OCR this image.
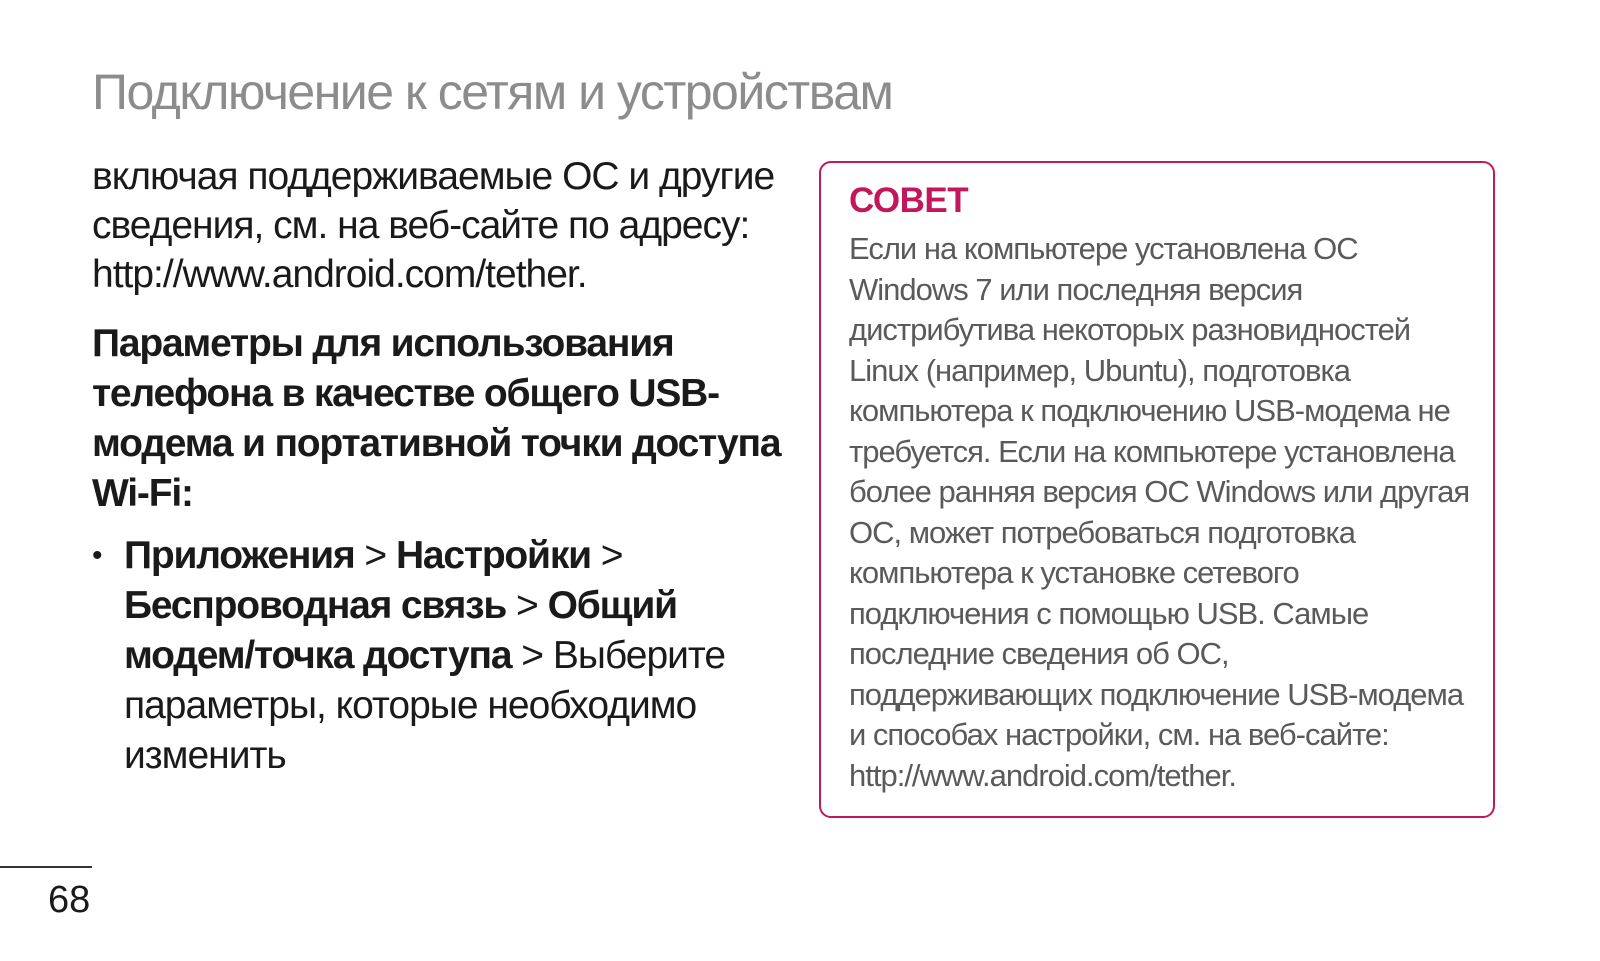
Подключение к сетям и устройствам

включая поддерживаемые ОС и другие сведения, см. на веб-сайте по адресу: http://www.android.com/tether.

Параметры для использования телефона в качестве общего USB-модема и портативной точки доступа Wi-Fi:
• Приложения > Настройки > Беспроводная связь > Общий модем/точка доступа > Выберите параметры, которые необходимо изменить
СОВЕТ

Если на компьютере установлена ОС Windows 7 или последняя версия дистрибутива некоторых разновидностей Linux (например, Ubuntu), подготовка компьютера к подключению USB-модема не требуется. Если на компьютере установлена более ранняя версия ОС Windows или другая ОС, может потребоваться подготовка компьютера к установке сетевого подключения с помощью USB. Самые последние сведения об ОС, поддерживающих подключение USB-модема и способах настройки, см. на веб-сайте: http://www.android.com/tether.

68
